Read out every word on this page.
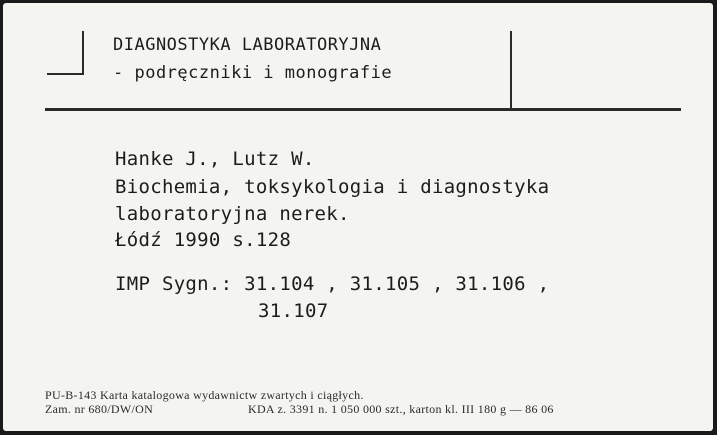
DIAGNOSTYKA LABORATORYJNA
- podręczniki i monografie
Hanke J., Lutz W.
Biochemia, toksykologia i diagnostyka
laboratoryjna nerek.
Łódź 1990 s.128
IMP Sygn.: 31.104 , 31.105 , 31.106 ,
31.107
PU-B-143 Karta katalogowa wydawnictw zwartych i ciągłych.
Zam. nr 680/DW/ON	KDA z. 3391 n. 1 050 000 szt., karton kl. III 180 g — 86 06
